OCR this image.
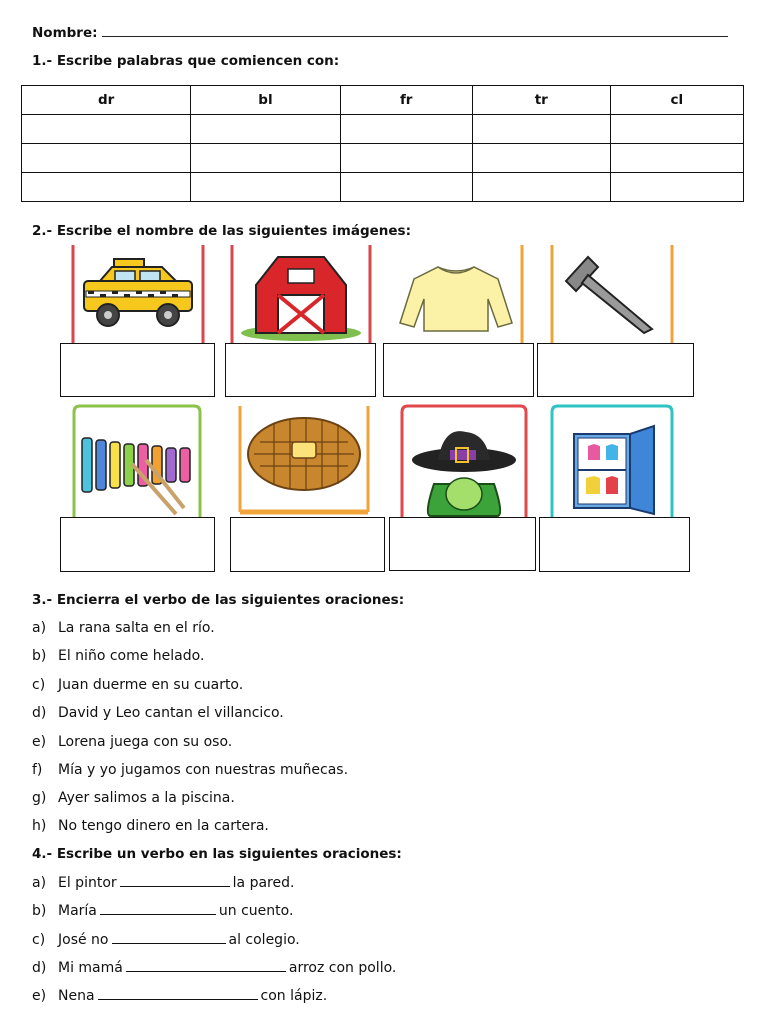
Nombre:
1.- Escribe palabras que comiencen con:
dr	bl	fr	tr	cl

2.- Escribe el nombre de las siguientes imágenes:
3.- Encierra el verbo de las siguientes oraciones:
a) La rana salta en el río.
b) El niño come helado.
c) Juan duerme en su cuarto.
d) David y Leo cantan el villancico.
e) Lorena juega con su oso.
f) Mía y yo jugamos con nuestras muñecas.
g) Ayer salimos a la piscina.
h) No tengo dinero en la cartera.
4.- Escribe un verbo en las siguientes oraciones:
a) El pintor	la pared.
b) María	un cuento.
c) José no	al colegio.
d) Mi mamá	arroz con pollo.
e) Nena	con lápiz.
